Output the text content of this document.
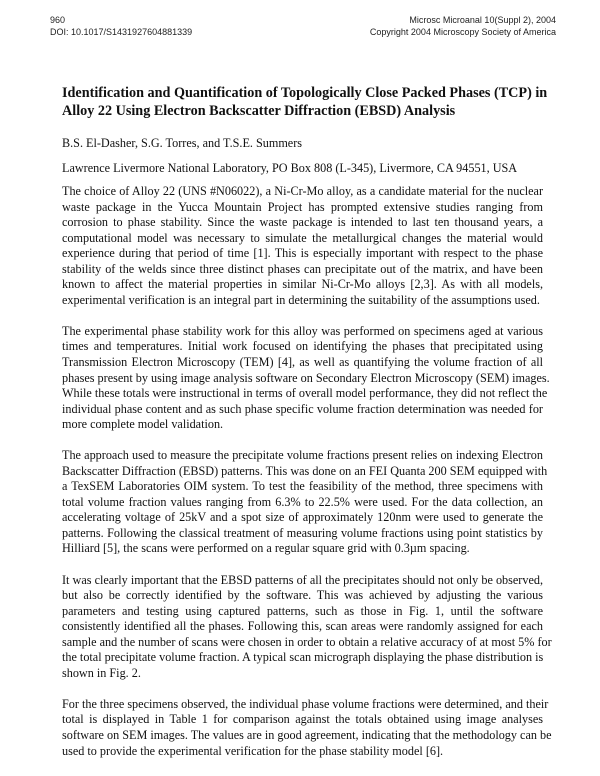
960
DOI: 10.1017/S1431927604881339
Microsc Microanal 10(Suppl 2), 2004
Copyright 2004 Microscopy Society of America
Identification and Quantification of Topologically Close Packed Phases (TCP) in
Alloy 22 Using Electron Backscatter Diffraction (EBSD) Analysis
B.S. El-Dasher, S.G. Torres, and T.S.E. Summers
Lawrence Livermore National Laboratory, PO Box 808 (L-345), Livermore, CA 94551, USA
The choice of Alloy 22 (UNS #N06022), a Ni-Cr-Mo alloy, as a candidate material for the nuclear
waste package in the Yucca Mountain Project has prompted extensive studies ranging from
corrosion to phase stability. Since the waste package is intended to last ten thousand years, a
computational model was necessary to simulate the metallurgical changes the material would
experience during that period of time [1]. This is especially important with respect to the phase
stability of the welds since three distinct phases can precipitate out of the matrix, and have been
known to affect the material properties in similar Ni-Cr-Mo alloys [2,3]. As with all models,
experimental verification is an integral part in determining the suitability of the assumptions used.
The experimental phase stability work for this alloy was performed on specimens aged at various
times and temperatures. Initial work focused on identifying the phases that precipitated using
Transmission Electron Microscopy (TEM) [4], as well as quantifying the volume fraction of all
phases present by using image analysis software on Secondary Electron Microscopy (SEM) images.
While these totals were instructional in terms of overall model performance, they did not reflect the
individual phase content and as such phase specific volume fraction determination was needed for
more complete model validation.
The approach used to measure the precipitate volume fractions present relies on indexing Electron
Backscatter Diffraction (EBSD) patterns. This was done on an FEI Quanta 200 SEM equipped with
a TexSEM Laboratories OIM system. To test the feasibility of the method, three specimens with
total volume fraction values ranging from 6.3% to 22.5% were used. For the data collection, an
accelerating voltage of 25kV and a spot size of approximately 120nm were used to generate the
patterns. Following the classical treatment of measuring volume fractions using point statistics by
Hilliard [5], the scans were performed on a regular square grid with 0.3µm spacing.
It was clearly important that the EBSD patterns of all the precipitates should not only be observed,
but also be correctly identified by the software. This was achieved by adjusting the various
parameters and testing using captured patterns, such as those in Fig. 1, until the software
consistently identified all the phases. Following this, scan areas were randomly assigned for each
sample and the number of scans were chosen in order to obtain a relative accuracy of at most 5% for
the total precipitate volume fraction. A typical scan micrograph displaying the phase distribution is
shown in Fig. 2.
For the three specimens observed, the individual phase volume fractions were determined, and their
total is displayed in Table 1 for comparison against the totals obtained using image analyses
software on SEM images. The values are in good agreement, indicating that the methodology can be
used to provide the experimental verification for the phase stability model [6].
